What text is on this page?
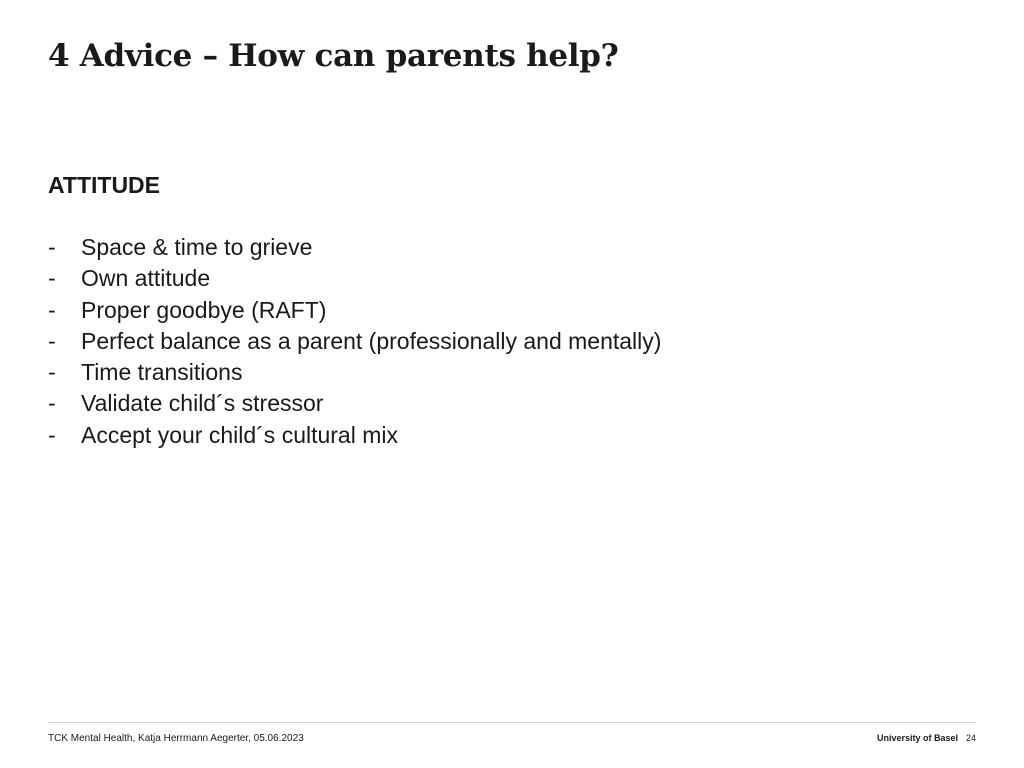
4 Advice – How can parents help?
ATTITUDE
-	Space & time to grieve
-	Own attitude
-	Proper goodbye (RAFT)
-	Perfect balance as a parent (professionally and mentally)
-	Time transitions
-	Validate child´s stressor
-	Accept your child´s cultural mix
TCK Mental Health, Katja Herrmann Aegerter, 05.06.2023	University of Basel 24
